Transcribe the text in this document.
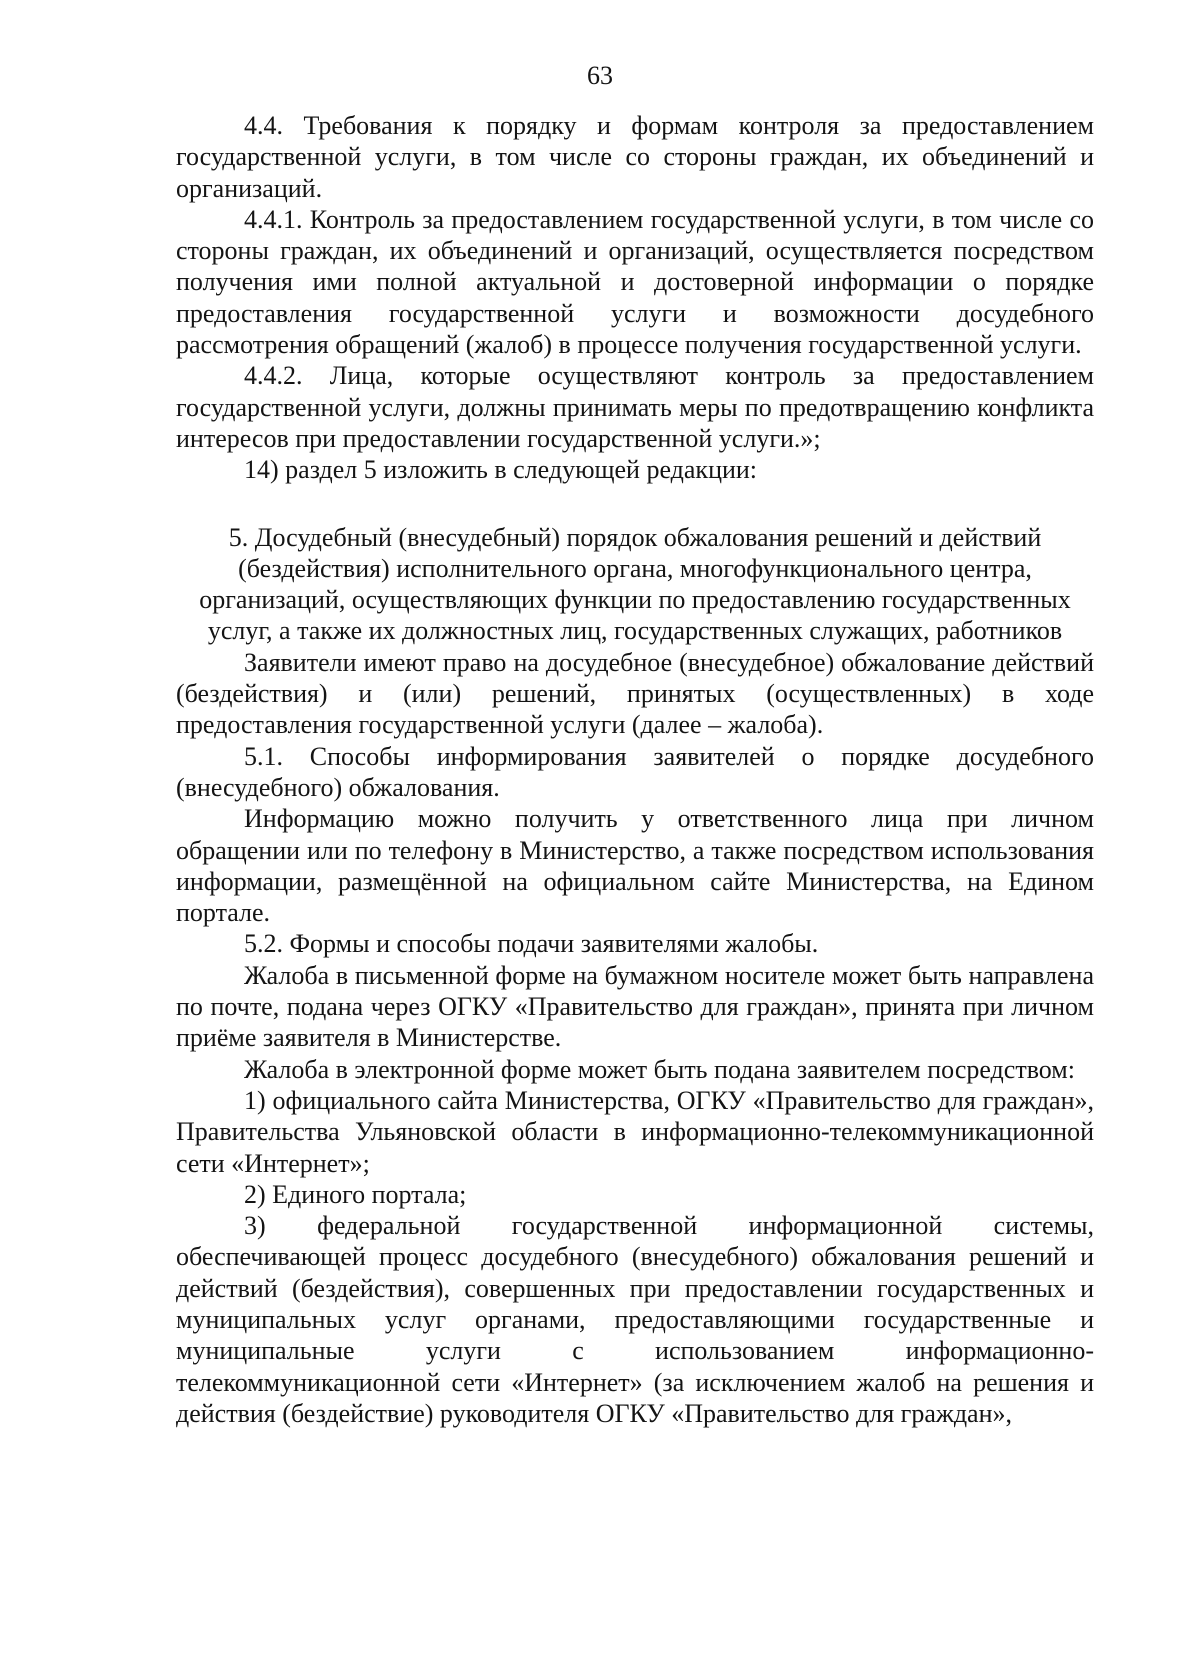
63

4.4. Требования к порядку и формам контроля за предоставлением государственной услуги, в том числе со стороны граждан, их объединений и организаций.

4.4.1. Контроль за предоставлением государственной услуги, в том числе со стороны граждан, их объединений и организаций, осуществляется посредством получения ими полной актуальной и достоверной информации о порядке предоставления государственной услуги и возможности досудебного рассмотрения обращений (жалоб) в процессе получения государственной услуги.

4.4.2. Лица, которые осуществляют контроль за предоставлением государственной услуги, должны принимать меры по предотвращению конфликта интересов при предоставлении государственной услуги.»;

14) раздел 5 изложить в следующей редакции:

5. Досудебный (внесудебный) порядок обжалования решений и действий
(бездействия) исполнительного органа, многофункционального центра,
организаций, осуществляющих функции по предоставлению государственных
услуг, а также их должностных лиц, государственных служащих, работников

Заявители имеют право на досудебное (внесудебное) обжалование действий (бездействия) и (или) решений, принятых (осуществленных) в ходе предоставления государственной услуги (далее – жалоба).

5.1. Способы информирования заявителей о порядке досудебного (внесудебного) обжалования.

Информацию можно получить у ответственного лица при личном обращении или по телефону в Министерство, а также посредством использования информации, размещённой на официальном сайте Министерства, на Едином портале.

5.2. Формы и способы подачи заявителями жалобы.

Жалоба в письменной форме на бумажном носителе может быть направлена по почте, подана через ОГКУ «Правительство для граждан», принята при личном приёме заявителя в Министерстве.

Жалоба в электронной форме может быть подана заявителем посредством:

1) официального сайта Министерства, ОГКУ «Правительство для граждан», Правительства Ульяновской области в информационно-телекоммуникационной сети «Интернет»;

2) Единого портала;

3) федеральной государственной информационной системы, обеспечивающей процесс досудебного (внесудебного) обжалования решений и действий (бездействия), совершенных при предоставлении государственных и муниципальных услуг органами, предоставляющими государственные и муниципальные услуги с использованием информационно-телекоммуникационной сети «Интернет» (за исключением жалоб на решения и действия (бездействие) руководителя ОГКУ «Правительство для граждан»,
